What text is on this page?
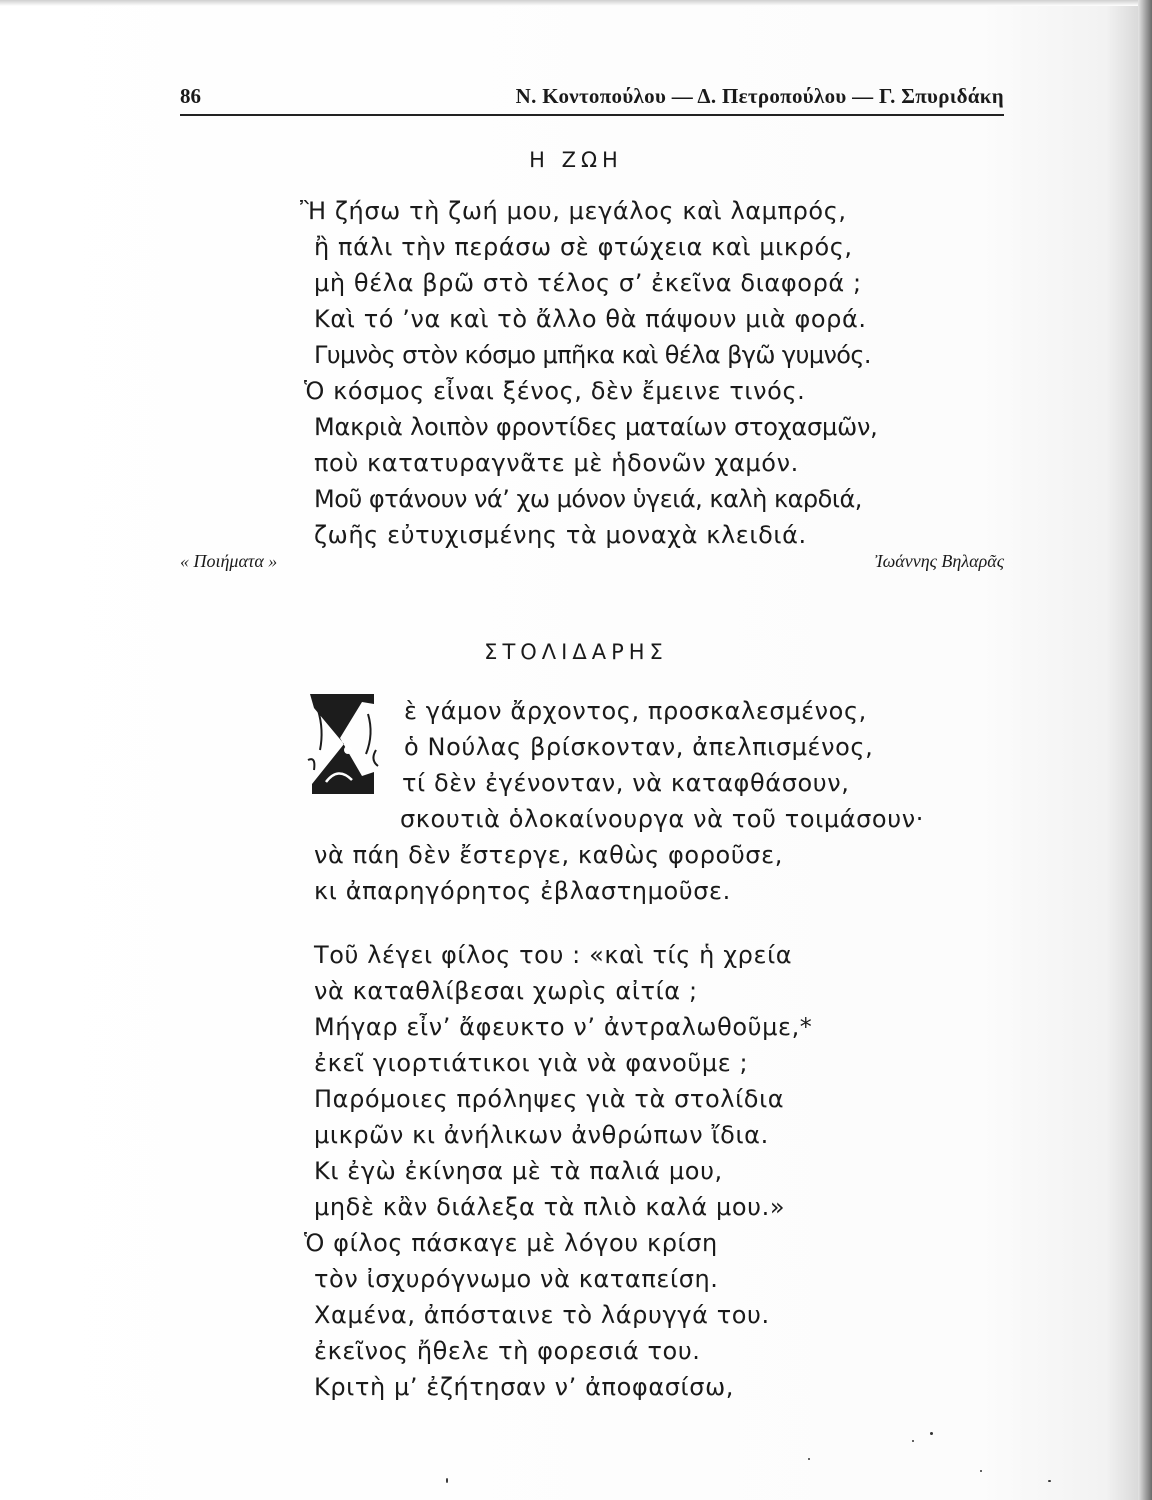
86	Ν. Κοντοπούλου — Δ. Πετροπούλου — Γ. Σπυριδάκη
Η ΖΩΗ
Ἢ ζήσω τὴ ζωή μου, μεγάλος καὶ λαμπρός,
ἢ πάλι τὴν περάσω σὲ φτώχεια καὶ μικρός,
μὴ θέλα βρῶ στὸ τέλος σ’ ἐκεῖνα διαφορά ;
Καὶ τό ’να καὶ τὸ ἄλλο θὰ πάψουν μιὰ φορά.
Γυμνὸς στὸν κόσμο μπῆκα καὶ θέλα βγῶ γυμνός.
Ὁ κόσμος εἶναι ξένος, δὲν ἔμεινε τινός.
Μακριὰ λοιπὸν φροντίδες ματαίων στοχασμῶν,
ποὺ κατατυραγνᾶτε μὲ ἡδονῶν χαμόν.
Μοῦ φτάνουν νά’ χω μόνον ὑγειά, καλὴ καρδιά,
ζωῆς εὐτυχισμένης τὰ μοναχὰ κλειδιά.
« Ποιήματα »	Ἰωάννης Βηλαρᾶς
ΣΤΟΛΙΔΑΡΗΣ
ὲ γάμον ἄρχοντος, προσκαλεσμένος,
ὁ Νούλας βρίσκονταν, ἀπελπισμένος,
τί δὲν ἐγένονταν, νὰ καταφθάσουν,
σκουτιὰ ὁλοκαίνουργα νὰ τοῦ τοιμάσουν·
νὰ πάη δὲν ἔστεργε, καθὼς φοροῦσε,
κι ἀπαρηγόρητος ἐβλαστημοῦσε.
Τοῦ λέγει φίλος του : «καὶ τίς ἡ χρεία
νὰ καταθλίβεσαι χωρὶς αἰτία ;
Μήγαρ εἶν’ ἄφευκτο ν’ ἀντραλωθοῦμε,*
ἐκεῖ γιορτιάτικοι γιὰ νὰ φανοῦμε ;
Παρόμοιες πρόληψες γιὰ τὰ στολίδια
μικρῶν κι ἀνήλικων ἀνθρώπων ἴδια.
Κι ἐγὼ ἐκίνησα μὲ τὰ παλιά μου,
μηδὲ κἂν διάλεξα τὰ πλιὸ καλά μου.»
Ὁ φίλος πάσκαγε μὲ λόγου κρίση
τὸν ἰσχυρόγνωμο νὰ καταπείση.
Χαμένα, ἀπόσταινε τὸ λάρυγγά του.
ἐκεῖνος ἤθελε τὴ φορεσιά του.
Κριτὴ μ’ ἐζήτησαν ν’ ἀποφασίσω,
